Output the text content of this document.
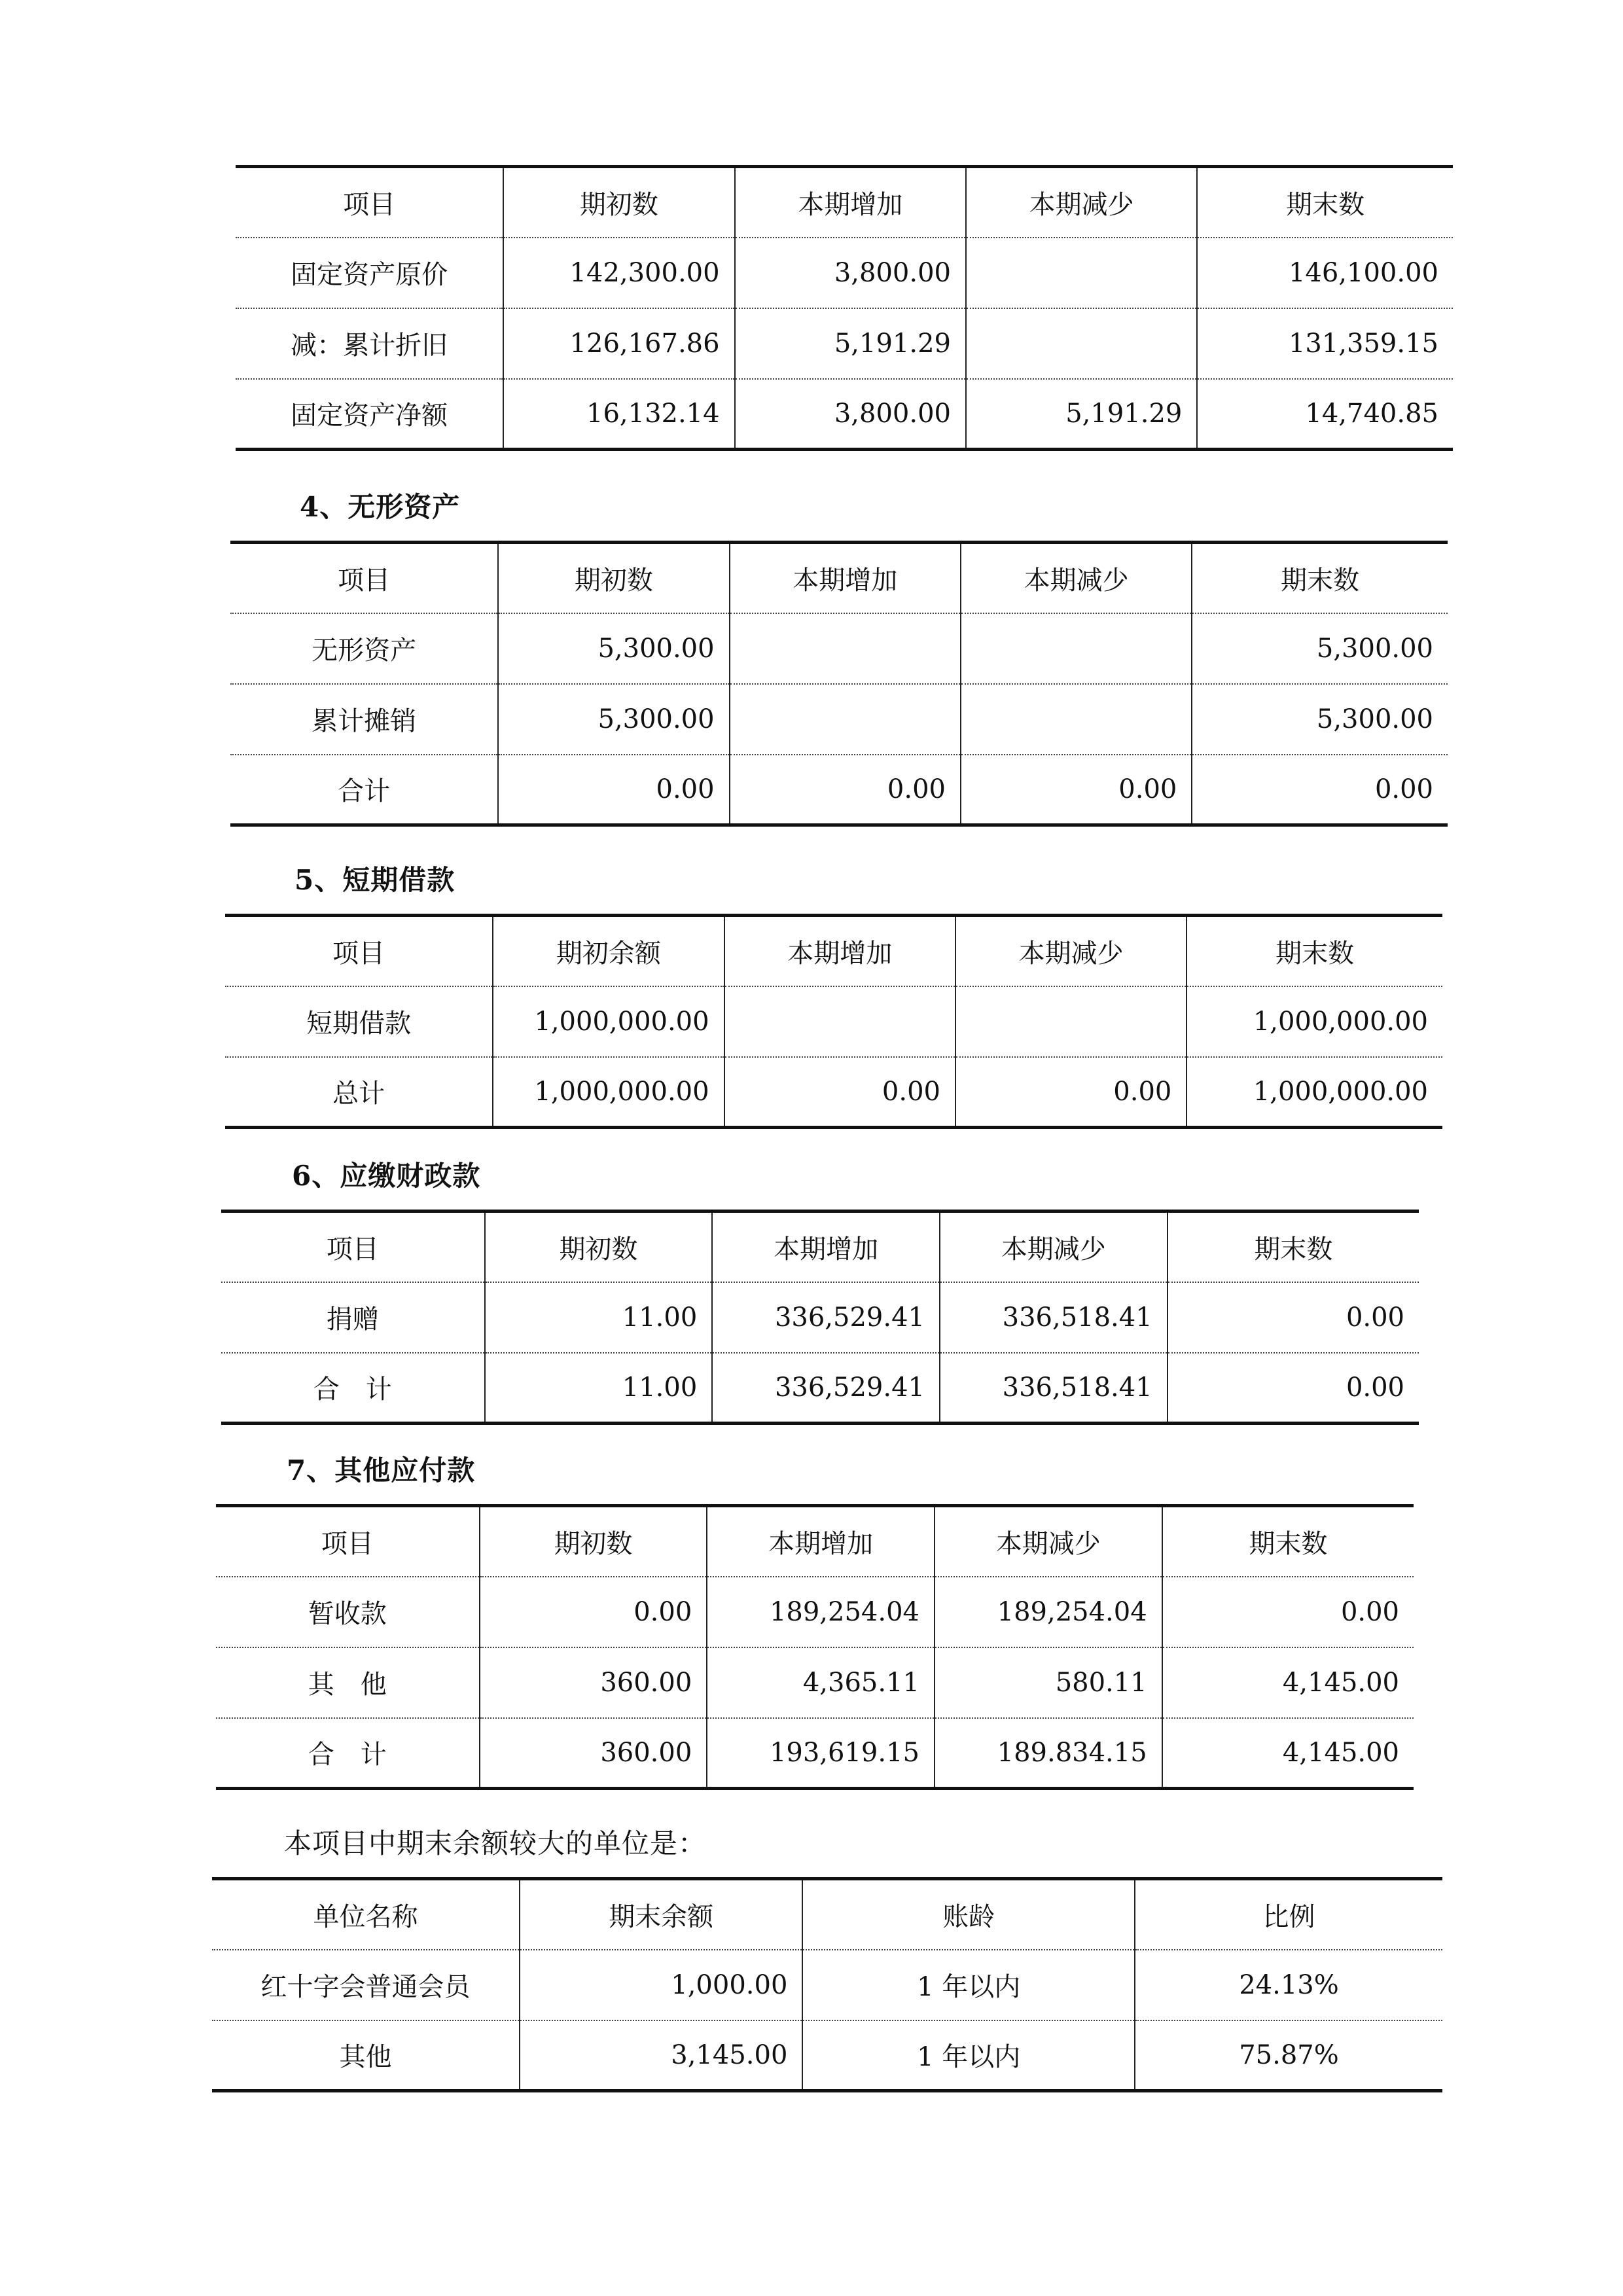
项目	期初数	本期增加	本期减少	期末数
固定资产原价	142,300.00	3,800.00		146,100.00
减：累计折旧	126,167.86	5,191.29		131,359.15
固定资产净额	16,132.14	3,800.00	5,191.29	14,740.85
4、无形资产
项目	期初数	本期增加	本期减少	期末数
无形资产	5,300.00			5,300.00
累计摊销	5,300.00			5,300.00
合计	0.00	0.00	0.00	0.00
5、短期借款
项目	期初余额	本期增加	本期减少	期末数
短期借款	1,000,000.00			1,000,000.00
总计	1,000,000.00	0.00	0.00	1,000,000.00
6、应缴财政款
项目	期初数	本期增加	本期减少	期末数
捐赠	11.00	336,529.41	336,518.41	0.00
合　计	11.00	336,529.41	336,518.41	0.00
7、其他应付款
项目	期初数	本期增加	本期减少	期末数
暂收款	0.00	189,254.04	189,254.04	0.00
其　他	360.00	4,365.11	580.11	4,145.00
合　计	360.00	193,619.15	189.834.15	4,145.00
本项目中期末余额较大的单位是：
单位名称	期末余额	账龄	比例
红十字会普通会员	1,000.00	1 年以内	24.13%
其他	3,145.00	1 年以内	75.87%
